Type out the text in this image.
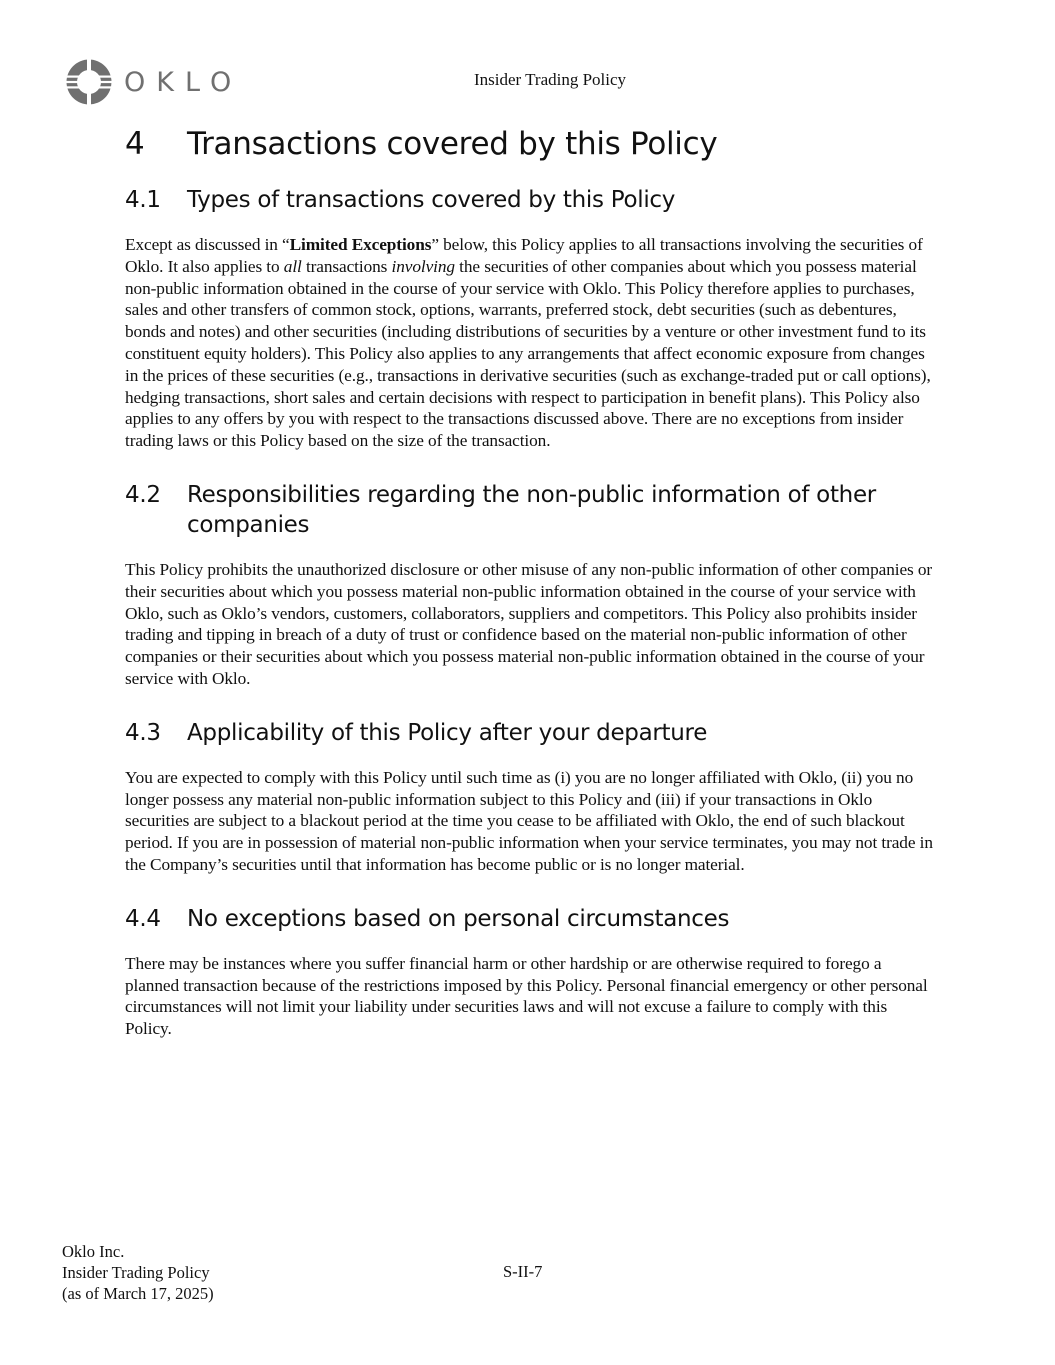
OKLO	Insider Trading Policy
4	Transactions covered by this Policy
4.1	Types of transactions covered by this Policy

Except as discussed in “Limited Exceptions” below, this Policy applies to all transactions involving the securities of Oklo. It also applies to all transactions involving the securities of other companies about which you possess material non-public information obtained in the course of your service with Oklo. This Policy therefore applies to purchases, sales and other transfers of common stock, options, warrants, preferred stock, debt securities (such as debentures, bonds and notes) and other securities (including distributions of securities by a venture or other investment fund to its constituent equity holders). This Policy also applies to any arrangements that affect economic exposure from changes in the prices of these securities (e.g., transactions in derivative securities (such as exchange-traded put or call options), hedging transactions, short sales and certain decisions with respect to participation in benefit plans). This Policy also applies to any offers by you with respect to the transactions discussed above. There are no exceptions from insider trading laws or this Policy based on the size of the transaction.

4.2	Responsibilities regarding the non-public information of other companies

This Policy prohibits the unauthorized disclosure or other misuse of any non-public information of other companies or their securities about which you possess material non-public information obtained in the course of your service with Oklo, such as Oklo’s vendors, customers, collaborators, suppliers and competitors. This Policy also prohibits insider trading and tipping in breach of a duty of trust or confidence based on the material non-public information of other companies or their securities about which you possess material non-public information obtained in the course of your service with Oklo.

4.3	Applicability of this Policy after your departure

You are expected to comply with this Policy until such time as (i) you are no longer affiliated with Oklo, (ii) you no longer possess any material non-public information subject to this Policy and (iii) if your transactions in Oklo securities are subject to a blackout period at the time you cease to be affiliated with Oklo, the end of such blackout period. If you are in possession of material non-public information when your service terminates, you may not trade in the Company’s securities until that information has become public or is no longer material.

4.4	No exceptions based on personal circumstances

There may be instances where you suffer financial harm or other hardship or are otherwise required to forego a planned transaction because of the restrictions imposed by this Policy. Personal financial emergency or other personal circumstances will not limit your liability under securities laws and will not excuse a failure to comply with this Policy.

Oklo Inc.
Insider Trading Policy
(as of March 17, 2025)
S-II-7
